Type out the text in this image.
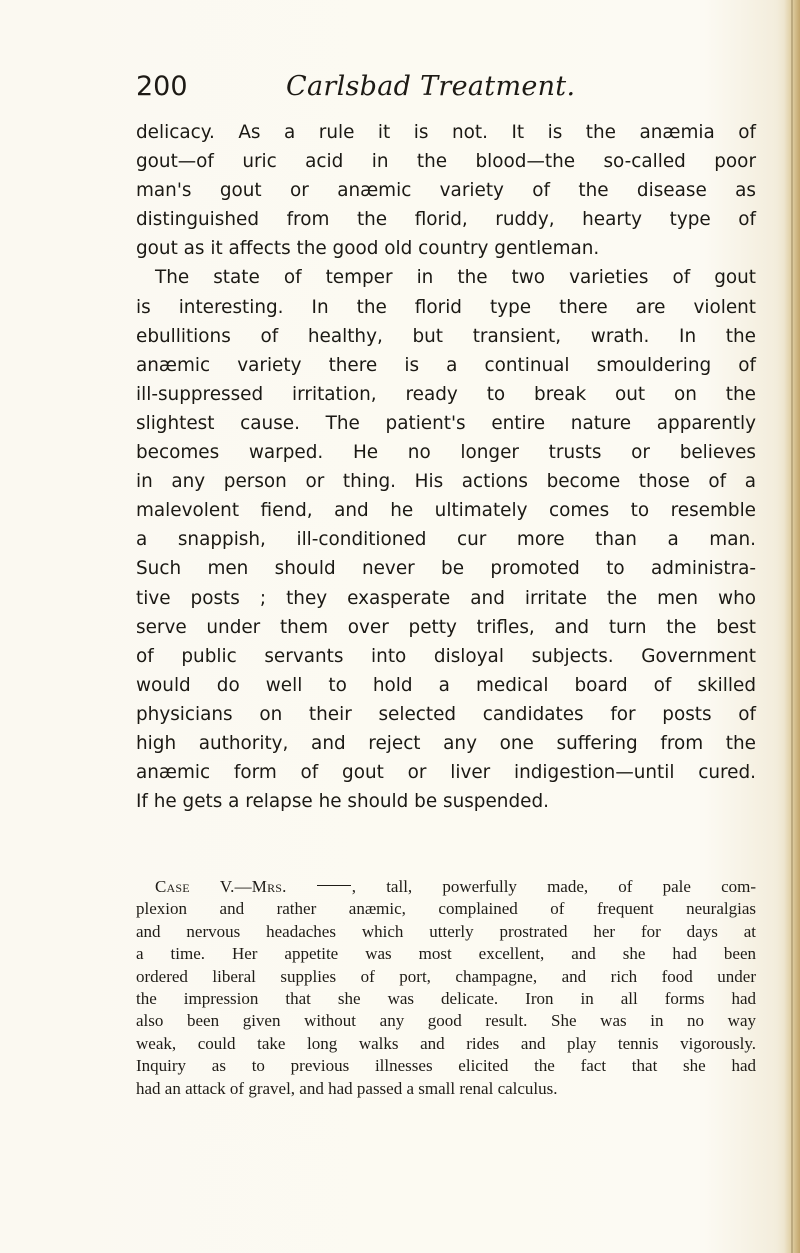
200	Carlsbad Treatment.
delicacy. As a rule it is not. It is the anæmia of
gout—of uric acid in the blood—the so-called poor
man's gout or anæmic variety of the disease as
distinguished from the florid, ruddy, hearty type of
gout as it affects the good old country gentleman.
The state of temper in the two varieties of gout
is interesting. In the florid type there are violent
ebullitions of healthy, but transient, wrath. In the
anæmic variety there is a continual smouldering of
ill-suppressed irritation, ready to break out on the
slightest cause. The patient's entire nature apparently
becomes warped. He no longer trusts or believes
in any person or thing. His actions become those of a
malevolent fiend, and he ultimately comes to resemble
a snappish, ill-conditioned cur more than a man.
Such men should never be promoted to administra-
tive posts ; they exasperate and irritate the men who
serve under them over petty trifles, and turn the best
of public servants into disloyal subjects. Government
would do well to hold a medical board of skilled
physicians on their selected candidates for posts of
high authority, and reject any one suffering from the
anæmic form of gout or liver indigestion—until cured.
If he gets a relapse he should be suspended.
Case V.—Mrs.	, tall, powerfully made, of pale com-
plexion and rather anæmic, complained of frequent neuralgias
and nervous headaches which utterly prostrated her for days at
a time. Her appetite was most excellent, and she had been
ordered liberal supplies of port, champagne, and rich food under
the impression that she was delicate. Iron in all forms had
also been given without any good result. She was in no way
weak, could take long walks and rides and play tennis vigorously.
Inquiry as to previous illnesses elicited the fact that she had
had an attack of gravel, and had passed a small renal calculus.
